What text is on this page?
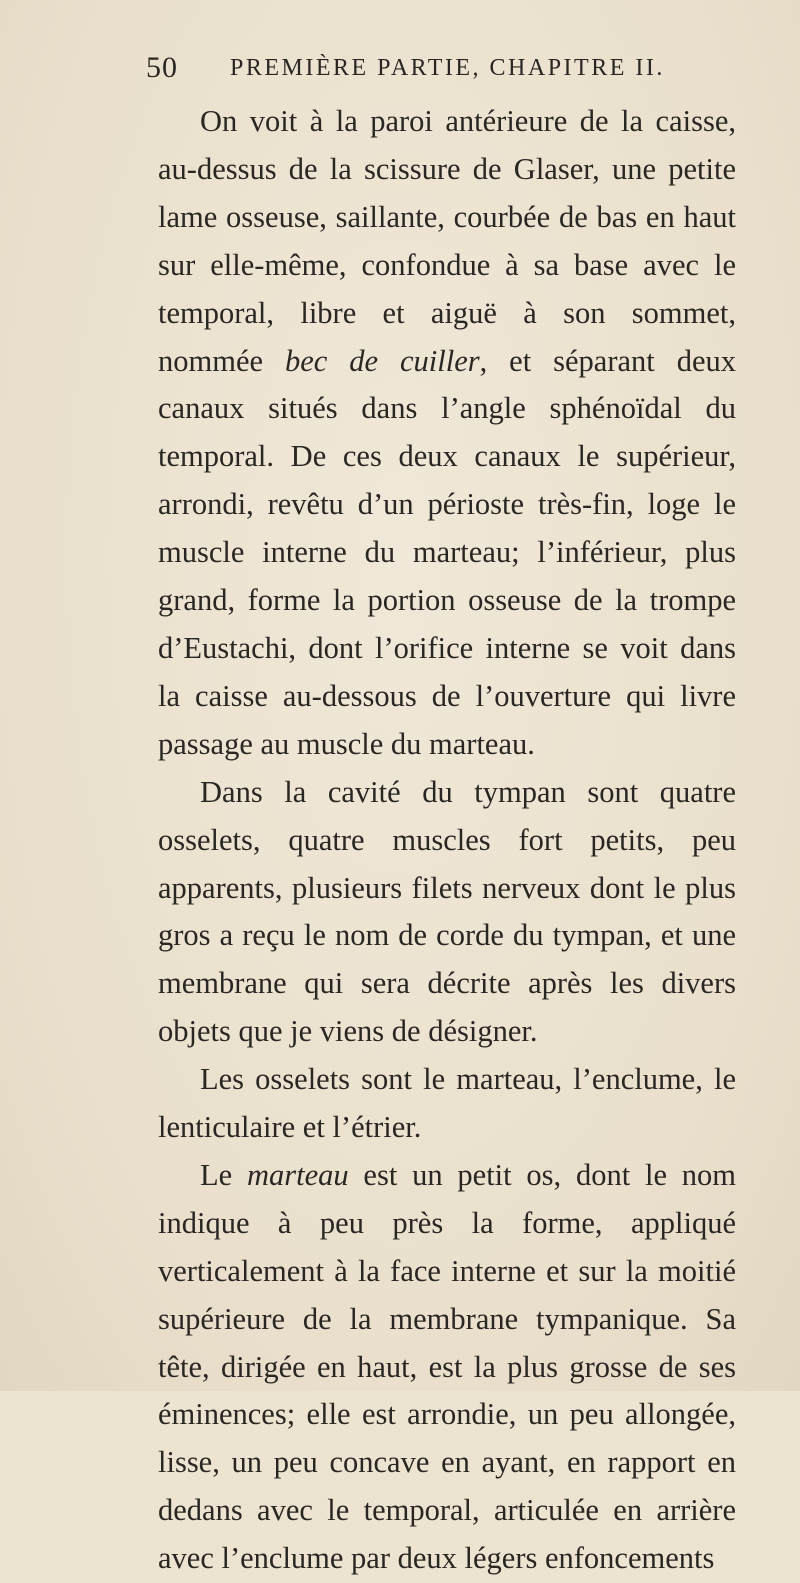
50 PREMIÈRE PARTIE, CHAPITRE II.

On voit à la paroi antérieure de la caisse, au-dessus de la scissure de Glaser, une petite lame osseuse, saillante, courbée de bas en haut sur elle-même, confondue à sa base avec le temporal, libre et aiguë à son sommet, nommée bec de cuiller, et séparant deux canaux situés dans l’angle sphénoïdal du temporal. De ces deux canaux le supérieur, arrondi, revêtu d’un périoste très-fin, loge le muscle interne du marteau; l’inférieur, plus grand, forme la portion osseuse de la trompe d’Eustachi, dont l’orifice interne se voit dans la caisse au-dessous de l’ouverture qui livre passage au muscle du marteau.

Dans la cavité du tympan sont quatre osselets, quatre muscles fort petits, peu apparents, plusieurs filets nerveux dont le plus gros a reçu le nom de corde du tympan, et une membrane qui sera décrite après les divers objets que je viens de désigner.

Les osselets sont le marteau, l’enclume, le lenticulaire et l’étrier.

Le marteau est un petit os, dont le nom indique à peu près la forme, appliqué verticalement à la face interne et sur la moitié supérieure de la membrane tympanique. Sa tête, dirigée en haut, est la plus grosse de ses éminences; elle est arrondie, un peu allongée, lisse, un peu concave en ayant, en rapport en dedans avec le temporal, articulée en arrière avec l’enclume par deux légers enfoncements
